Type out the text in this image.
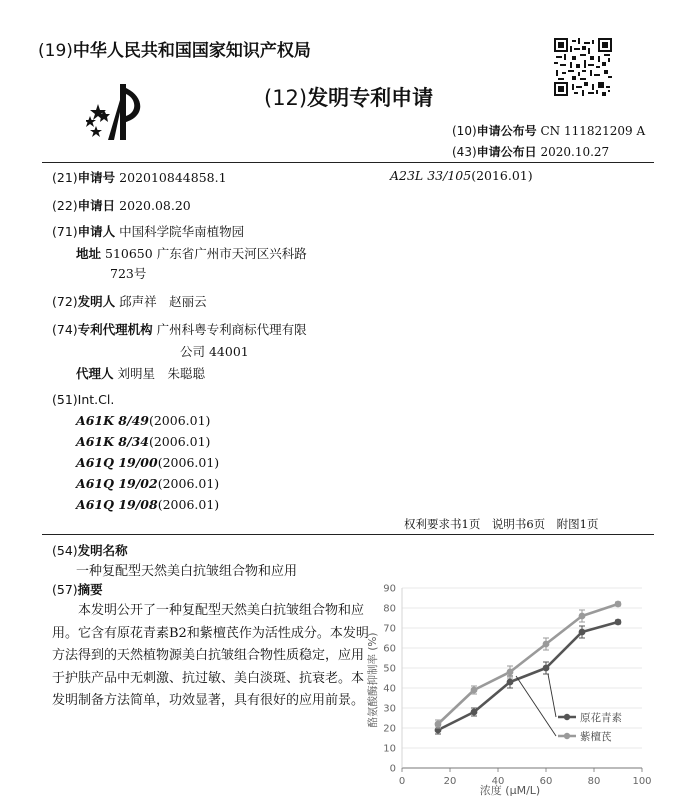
(19)中华人民共和国国家知识产权局
(12)发明专利申请
(10)申请公布号 CN 111821209 A
(43)申请公布日 2020.10.27
(21)申请号 202010844858.1	A23L 33/105(2016.01)
(22)申请日 2020.08.20
(71)申请人 中国科学院华南植物园
地址 510650 广东省广州市天河区兴科路
723号
(72)发明人 邱声祥　赵丽云
(74)专利代理机构 广州科粤专利商标代理有限
公司 44001
代理人 刘明星　朱聪聪
(51)Int.Cl.
A61K 8/49(2006.01)
A61K 8/34(2006.01)
A61Q 19/00(2006.01)
A61Q 19/02(2006.01)
A61Q 19/08(2006.01)
权利要求书1页　说明书6页　附图1页
(54)发明名称
一种复配型天然美白抗皱组合物和应用
(57)摘要
本发明公开了一种复配型天然美白抗皱组合物和应用。它含有原花青素B2和紫檀芪作为活性成分。本发明方法得到的天然植物源美白抗皱组合物性质稳定，应用于护肤产品中无刺激、抗过敏、美白淡斑、抗衰老。本发明制备方法简单，功效显著，具有很好的应用前景。
0
10
20
30
40
50
60
70
80
90
0	20	40	60	80	100
原花青素
紫檀芪
浓度 (μM/L)
酪氨酸酶抑制率 (%)
